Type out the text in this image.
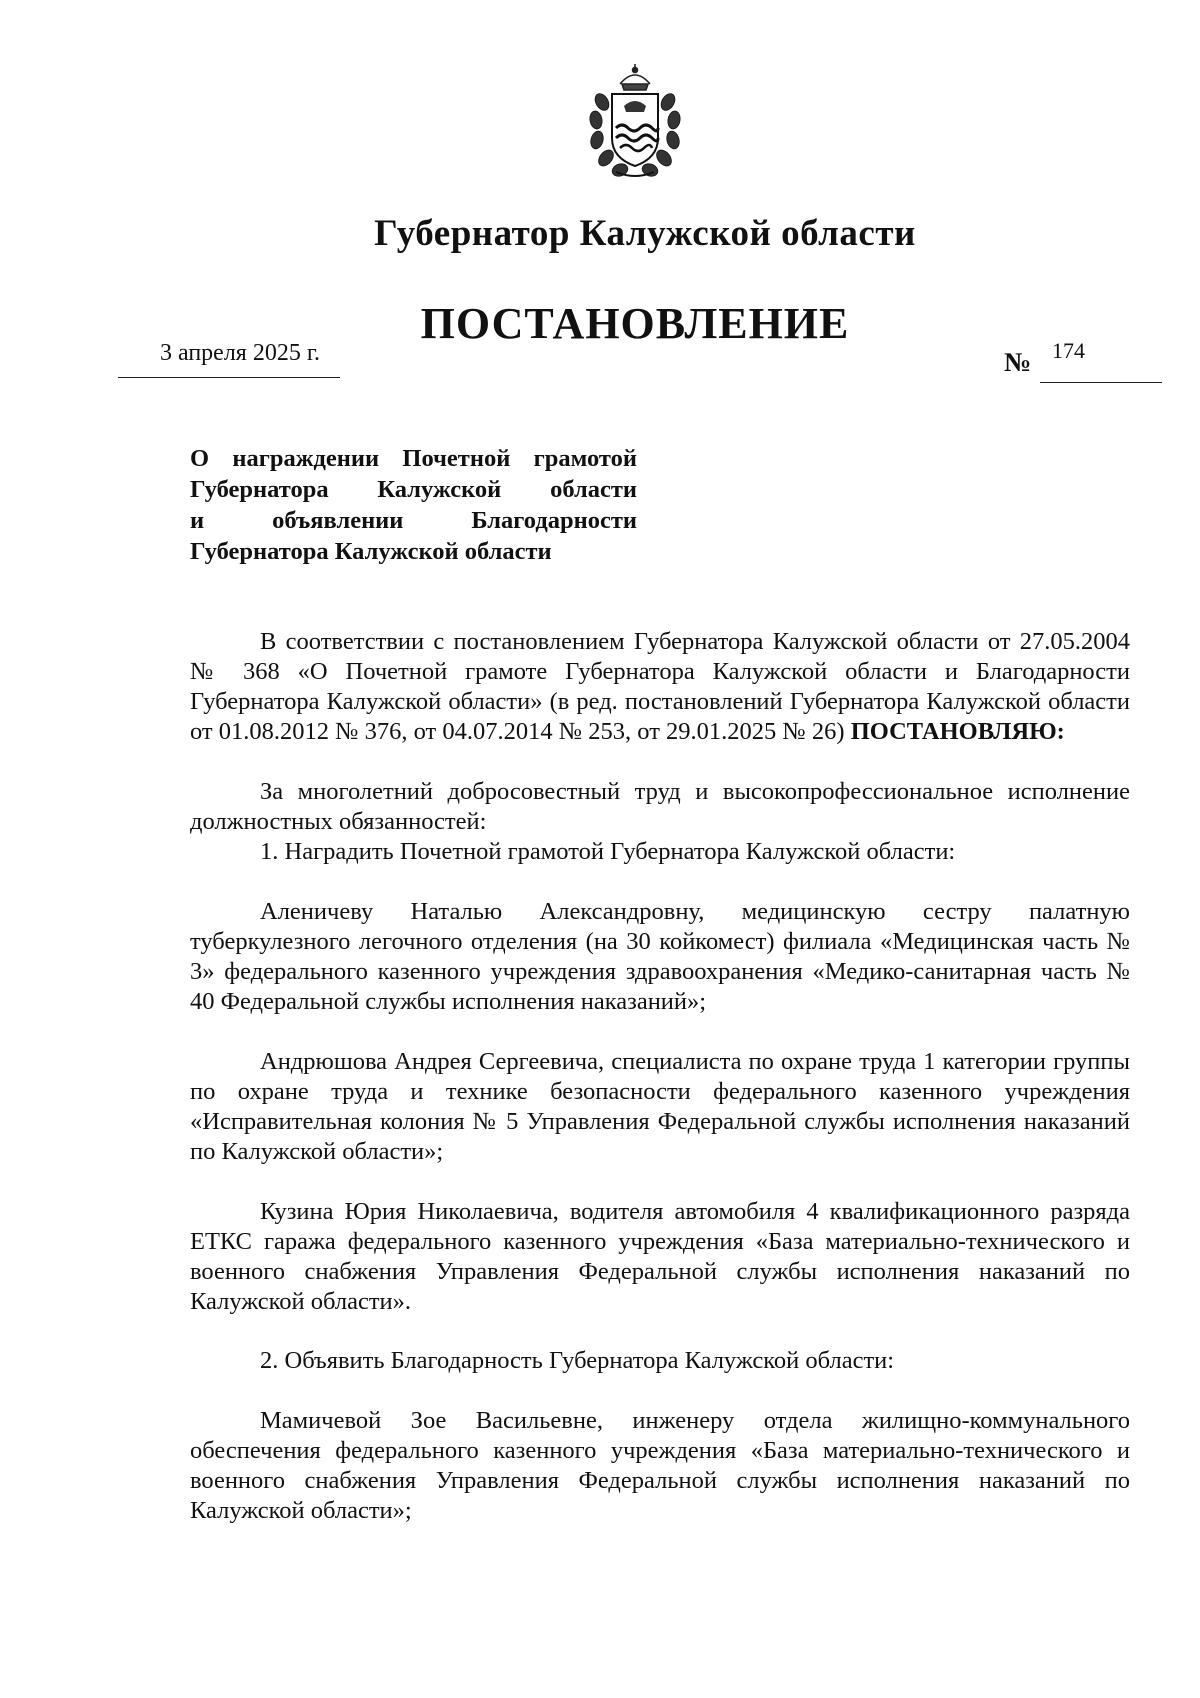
Губернатор Калужской области
ПОСТАНОВЛЕНИЕ
3 апреля 2025 г.	№ 174
О награждении Почетной грамотой
Губернатора Калужской области
и объявлении Благодарности
Губернатора Калужской области

В соответствии с постановлением Губернатора Калужской области от 27.05.2004 № 368 «О Почетной грамоте Губернатора Калужской области и Благодарности Губернатора Калужской области» (в ред. постановлений Губернатора Калужской области от 01.08.2012 № 376, от 04.07.2014 № 253, от 29.01.2025 № 26) ПОСТАНОВЛЯЮ:

За многолетний добросовестный труд и высокопрофессиональное исполнение должностных обязанностей:

1. Наградить Почетной грамотой Губернатора Калужской области:

Аленичеву Наталью Александровну, медицинскую сестру палатную туберкулезного легочного отделения (на 30 койкомест) филиала «Медицинская часть № 3» федерального казенного учреждения здравоохранения «Медико-санитарная часть № 40 Федеральной службы исполнения наказаний»;

Андрюшова Андрея Сергеевича, специалиста по охране труда 1 категории группы по охране труда и технике безопасности федерального казенного учреждения «Исправительная колония № 5 Управления Федеральной службы исполнения наказаний по Калужской области»;

Кузина Юрия Николаевича, водителя автомобиля 4 квалификационного разряда ЕТКС гаража федерального казенного учреждения «База материально-технического и военного снабжения Управления Федеральной службы исполнения наказаний по Калужской области».

2. Объявить Благодарность Губернатора Калужской области:

Мамичевой Зое Васильевне, инженеру отдела жилищно-коммунального обеспечения федерального казенного учреждения «База материально-технического и военного снабжения Управления Федеральной службы исполнения наказаний по Калужской области»;
